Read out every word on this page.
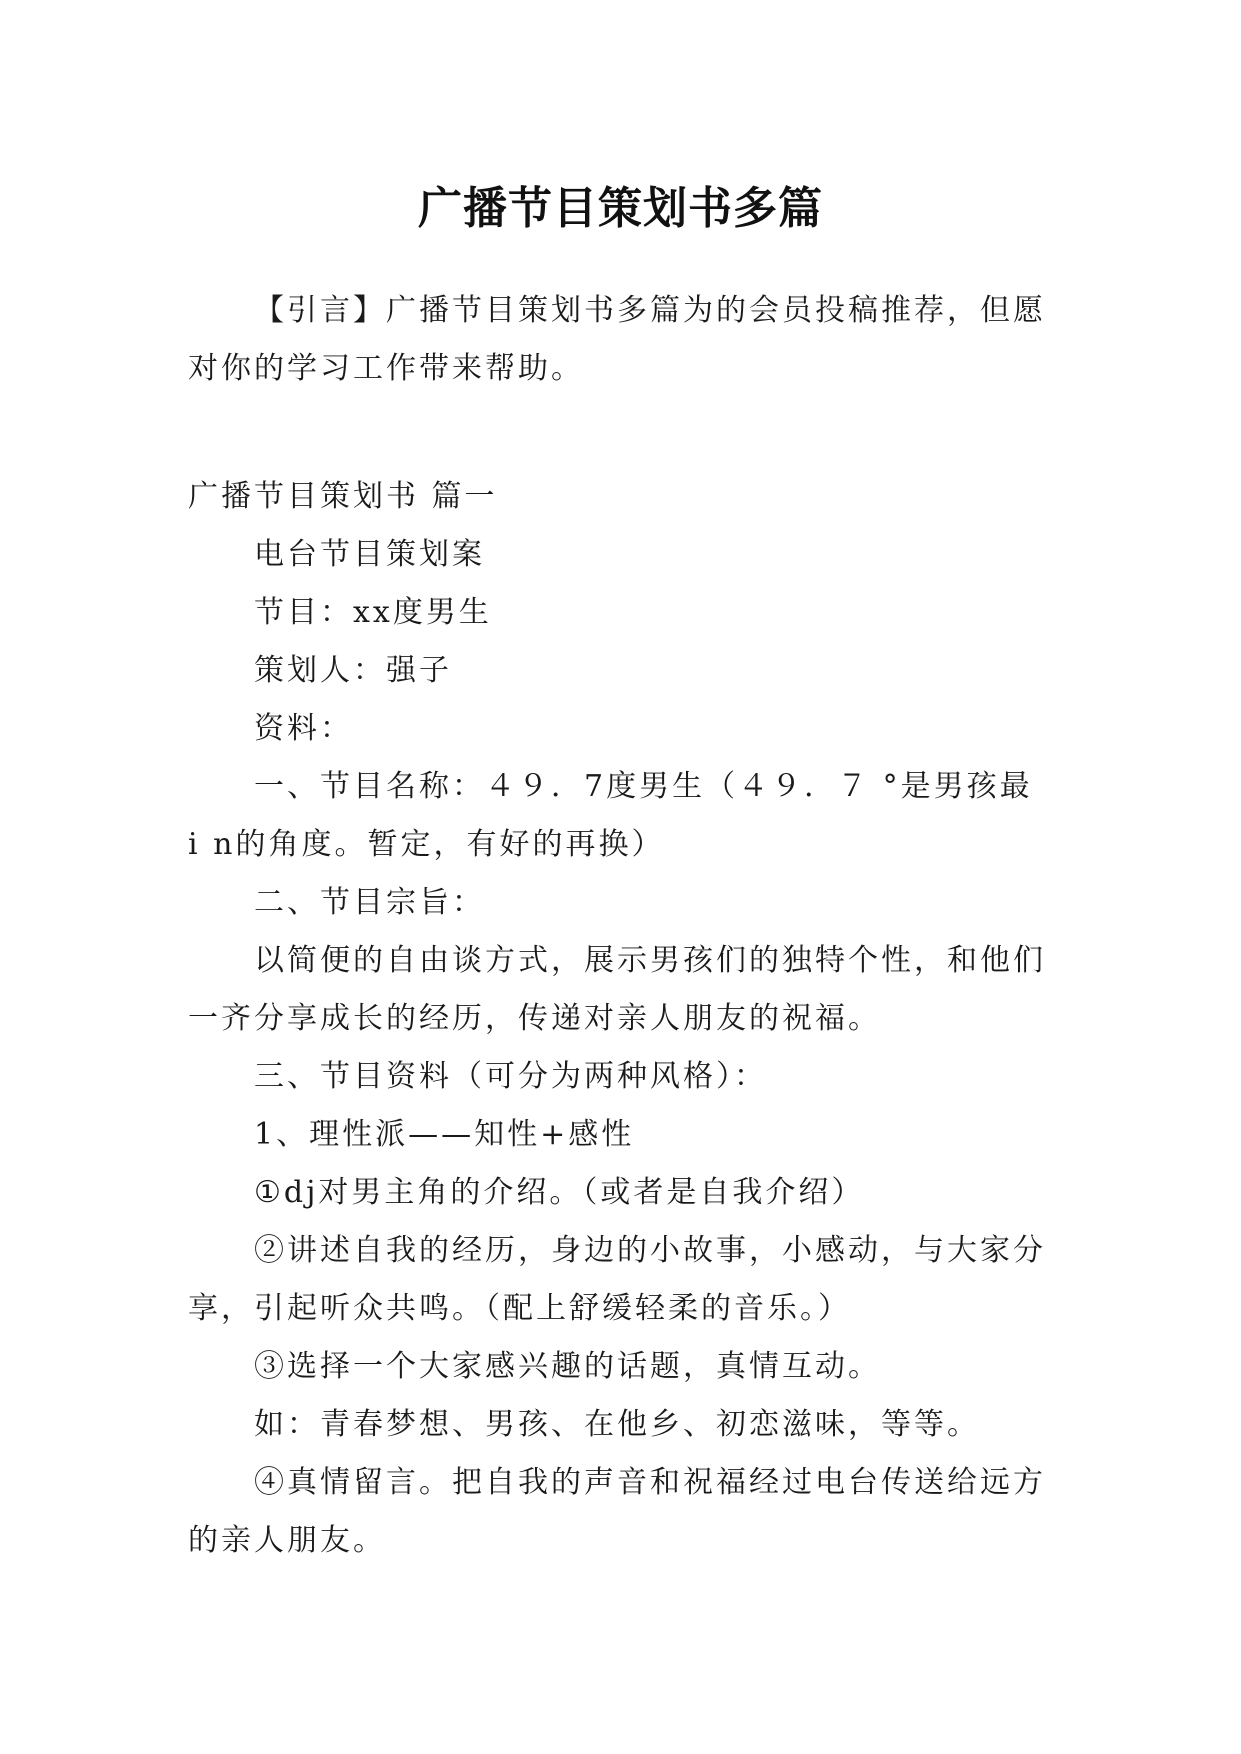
广播节目策划书多篇

【引言】广播节目策划书多篇为的会员投稿推荐，但愿对你的学习工作带来帮助。

广播节目策划书 篇一

电台节目策划案

节目：xx度男生

策划人：强子

资料：

一、节目名称：４９．7度男生（４９．７ °是男孩最 i n的角度。暂定，有好的再换）

二、节目宗旨：

以简便的自由谈方式，展示男孩们的独特个性，和他们一齐分享成长的经历，传递对亲人朋友的祝福。

三、节目资料（可分为两种风格）：

1、理性派——知性+感性

①dj对男主角的介绍。（或者是自我介绍）

②讲述自我的经历，身边的小故事，小感动，与大家分享，引起听众共鸣。（配上舒缓轻柔的音乐。）

③选择一个大家感兴趣的话题，真情互动。

如：青春梦想、男孩、在他乡、初恋滋味，等等。

④真情留言。把自我的声音和祝福经过电台传送给远方的亲人朋友。
